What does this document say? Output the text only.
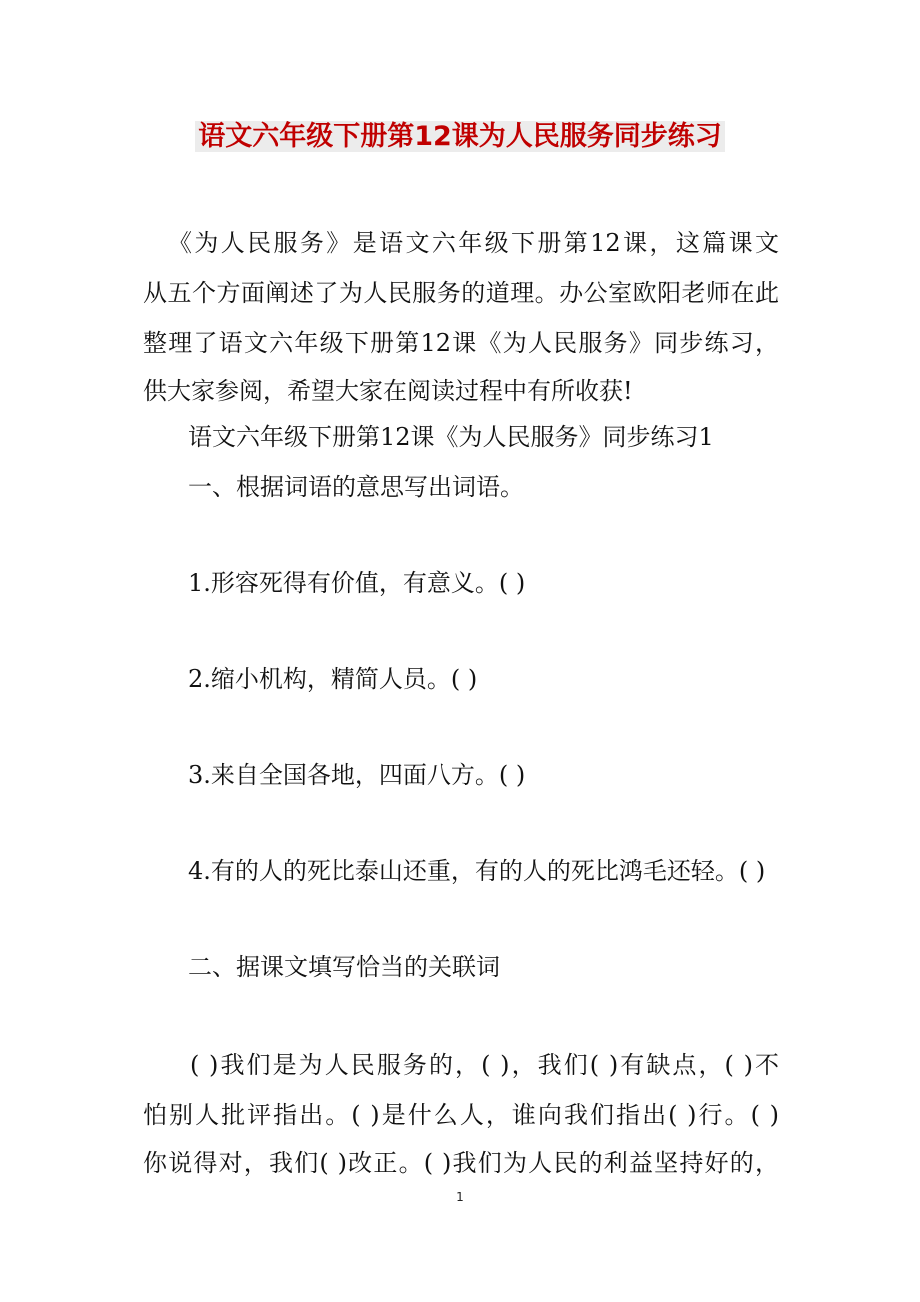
语文六年级下册第12课为人民服务同步练习
《为人民服务》是语文六年级下册第12课，这篇课文
从五个方面阐述了为人民服务的道理。办公室欧阳老师在此
整理了语文六年级下册第12课《为人民服务》同步练习，
供大家参阅，希望大家在阅读过程中有所收获!
语文六年级下册第12课《为人民服务》同步练习1
一、根据词语的意思写出词语。
1.形容死得有价值，有意义。( )
2.缩小机构，精简人员。( )
3.来自全国各地，四面八方。( )
4.有的人的死比泰山还重，有的人的死比鸿毛还轻。( )
二、据课文填写恰当的关联词
( )我们是为人民服务的，( )，我们( )有缺点，( )不
怕别人批评指出。( )是什么人，谁向我们指出( )行。( )
你说得对，我们( )改正。( )我们为人民的利益坚持好的，
1
